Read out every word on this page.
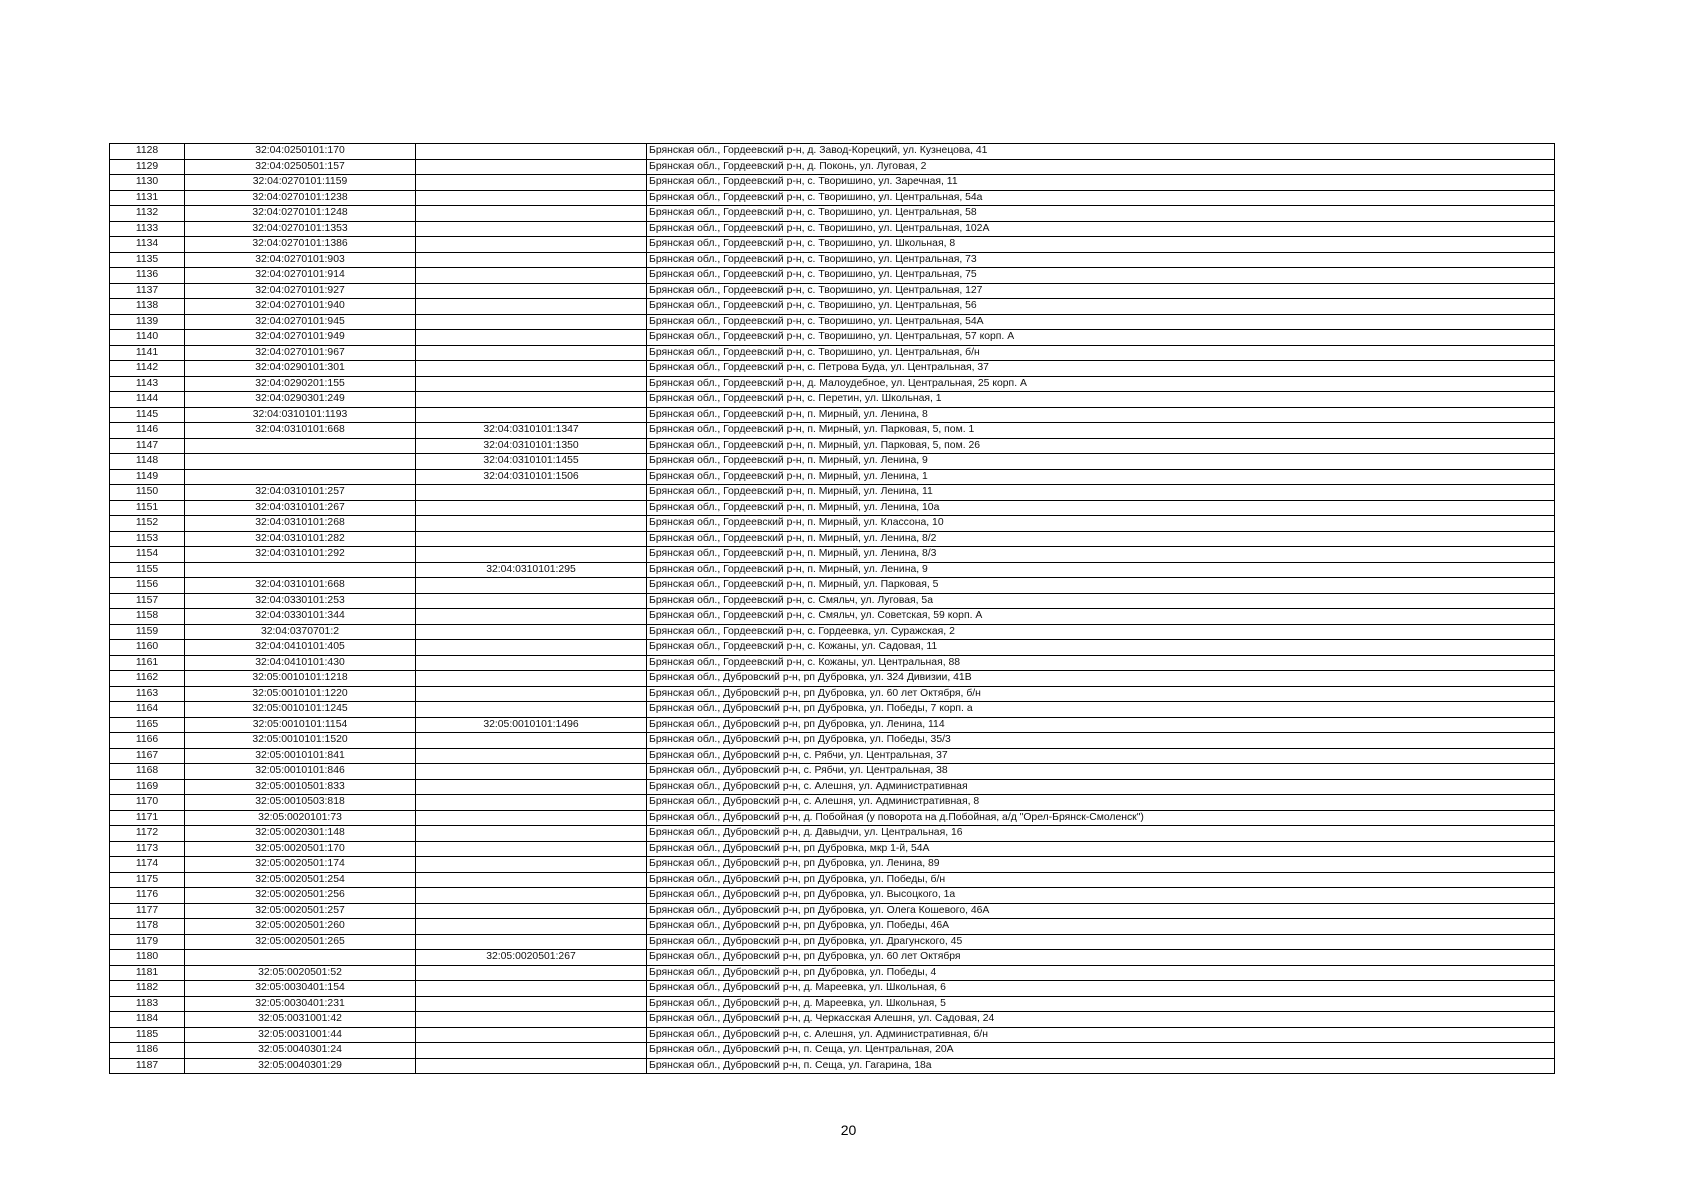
1128	32:04:0250101:170		Брянская обл., Гордеевский р-н, д. Завод-Корецкий, ул. Кузнецова, 41
1129	32:04:0250501:157		Брянская обл., Гордеевский р-н, д. Поконь, ул. Луговая, 2
1130	32:04:0270101:1159		Брянская обл., Гордеевский р-н, с. Творишино, ул. Заречная, 11
1131	32:04:0270101:1238		Брянская обл., Гордеевский р-н, с. Творишино, ул. Центральная, 54а
1132	32:04:0270101:1248		Брянская обл., Гордеевский р-н, с. Творишино, ул. Центральная, 58
1133	32:04:0270101:1353		Брянская обл., Гордеевский р-н, с. Творишино, ул. Центральная, 102А
1134	32:04:0270101:1386		Брянская обл., Гордеевский р-н, с. Творишино, ул. Школьная, 8
1135	32:04:0270101:903		Брянская обл., Гордеевский р-н, с. Творишино, ул. Центральная, 73
1136	32:04:0270101:914		Брянская обл., Гордеевский р-н, с. Творишино, ул. Центральная, 75
1137	32:04:0270101:927		Брянская обл., Гордеевский р-н, с. Творишино, ул. Центральная, 127
1138	32:04:0270101:940		Брянская обл., Гордеевский р-н, с. Творишино, ул. Центральная, 56
1139	32:04:0270101:945		Брянская обл., Гордеевский р-н, с. Творишино, ул. Центральная, 54А
1140	32:04:0270101:949		Брянская обл., Гордеевский р-н, с. Творишино, ул. Центральная, 57 корп. А
1141	32:04:0270101:967		Брянская обл., Гордеевский р-н, с. Творишино, ул. Центральная, б/н
1142	32:04:0290101:301		Брянская обл., Гордеевский р-н, с. Петрова Буда, ул. Центральная, 37
1143	32:04:0290201:155		Брянская обл., Гордеевский р-н, д. Малоудебное, ул. Центральная, 25 корп. А
1144	32:04:0290301:249		Брянская обл., Гордеевский р-н, с. Перетин, ул. Школьная, 1
1145	32:04:0310101:1193		Брянская обл., Гордеевский р-н, п. Мирный, ул. Ленина, 8
1146	32:04:0310101:668	32:04:0310101:1347	Брянская обл., Гордеевский р-н, п. Мирный, ул. Парковая, 5, пом. 1
1147		32:04:0310101:1350	Брянская обл., Гордеевский р-н, п. Мирный, ул. Парковая, 5, пом. 26
1148		32:04:0310101:1455	Брянская обл., Гордеевский р-н, п. Мирный, ул. Ленина, 9
1149		32:04:0310101:1506	Брянская обл., Гордеевский р-н, п. Мирный, ул. Ленина, 1
1150	32:04:0310101:257		Брянская обл., Гордеевский р-н, п. Мирный, ул. Ленина, 11
1151	32:04:0310101:267		Брянская обл., Гордеевский р-н, п. Мирный, ул. Ленина, 10а
1152	32:04:0310101:268		Брянская обл., Гордеевский р-н, п. Мирный, ул. Классона, 10
1153	32:04:0310101:282		Брянская обл., Гордеевский р-н, п. Мирный, ул. Ленина, 8/2
1154	32:04:0310101:292		Брянская обл., Гордеевский р-н, п. Мирный, ул. Ленина, 8/3
1155		32:04:0310101:295	Брянская обл., Гордеевский р-н, п. Мирный, ул. Ленина, 9
1156	32:04:0310101:668		Брянская обл., Гордеевский р-н, п. Мирный, ул. Парковая, 5
1157	32:04:0330101:253		Брянская обл., Гордеевский р-н, с. Смяльч, ул. Луговая, 5а
1158	32:04:0330101:344		Брянская обл., Гордеевский р-н, с. Смяльч, ул. Советская, 59 корп. А
1159	32:04:0370701:2		Брянская обл., Гордеевский р-н, с. Гордеевка, ул. Суражская, 2
1160	32:04:0410101:405		Брянская обл., Гордеевский р-н, с. Кожаны, ул. Садовая, 11
1161	32:04:0410101:430		Брянская обл., Гордеевский р-н, с. Кожаны, ул. Центральная, 88
1162	32:05:0010101:1218		Брянская обл., Дубровский р-н, рп Дубровка, ул. 324 Дивизии, 41В
1163	32:05:0010101:1220		Брянская обл., Дубровский р-н, рп Дубровка, ул. 60 лет Октября, б/н
1164	32:05:0010101:1245		Брянская обл., Дубровский р-н, рп Дубровка, ул. Победы, 7 корп. а
1165	32:05:0010101:1154	32:05:0010101:1496	Брянская обл., Дубровский р-н, рп Дубровка, ул. Ленина, 114
1166	32:05:0010101:1520		Брянская обл., Дубровский р-н, рп Дубровка, ул. Победы, 35/3
1167	32:05:0010101:841		Брянская обл., Дубровский р-н, с. Рябчи, ул. Центральная, 37
1168	32:05:0010101:846		Брянская обл., Дубровский р-н, с. Рябчи, ул. Центральная, 38
1169	32:05:0010501:833		Брянская обл., Дубровский р-н, с. Алешня, ул. Административная
1170	32:05:0010503:818		Брянская обл., Дубровский р-н, с. Алешня, ул. Административная, 8
1171	32:05:0020101:73		Брянская обл., Дубровский р-н, д. Побойная (у поворота на д.Побойная, а/д "Орел-Брянск-Смоленск")
1172	32:05:0020301:148		Брянская обл., Дубровский р-н, д. Давыдчи, ул. Центральная, 16
1173	32:05:0020501:170		Брянская обл., Дубровский р-н, рп Дубровка, мкр 1-й, 54А
1174	32:05:0020501:174		Брянская обл., Дубровский р-н, рп Дубровка, ул. Ленина, 89
1175	32:05:0020501:254		Брянская обл., Дубровский р-н, рп Дубровка, ул. Победы, б/н
1176	32:05:0020501:256		Брянская обл., Дубровский р-н, рп Дубровка, ул. Высоцкого, 1а
1177	32:05:0020501:257		Брянская обл., Дубровский р-н, рп Дубровка, ул. Олега Кошевого, 46А
1178	32:05:0020501:260		Брянская обл., Дубровский р-н, рп Дубровка, ул. Победы, 46А
1179	32:05:0020501:265		Брянская обл., Дубровский р-н, рп Дубровка, ул. Драгунского, 45
1180		32:05:0020501:267	Брянская обл., Дубровский р-н, рп Дубровка, ул. 60 лет Октября
1181	32:05:0020501:52		Брянская обл., Дубровский р-н, рп Дубровка, ул. Победы, 4
1182	32:05:0030401:154		Брянская обл., Дубровский р-н, д. Мареевка, ул. Школьная, 6
1183	32:05:0030401:231		Брянская обл., Дубровский р-н, д. Мареевка, ул. Школьная, 5
1184	32:05:0031001:42		Брянская обл., Дубровский р-н, д. Черкасская Алешня, ул. Садовая, 24
1185	32:05:0031001:44		Брянская обл., Дубровский р-н, с. Алешня, ул. Административная, б/н
1186	32:05:0040301:24		Брянская обл., Дубровский р-н, п. Сеща, ул. Центральная, 20А
1187	32:05:0040301:29		Брянская обл., Дубровский р-н, п. Сеща, ул. Гагарина, 18а
20
